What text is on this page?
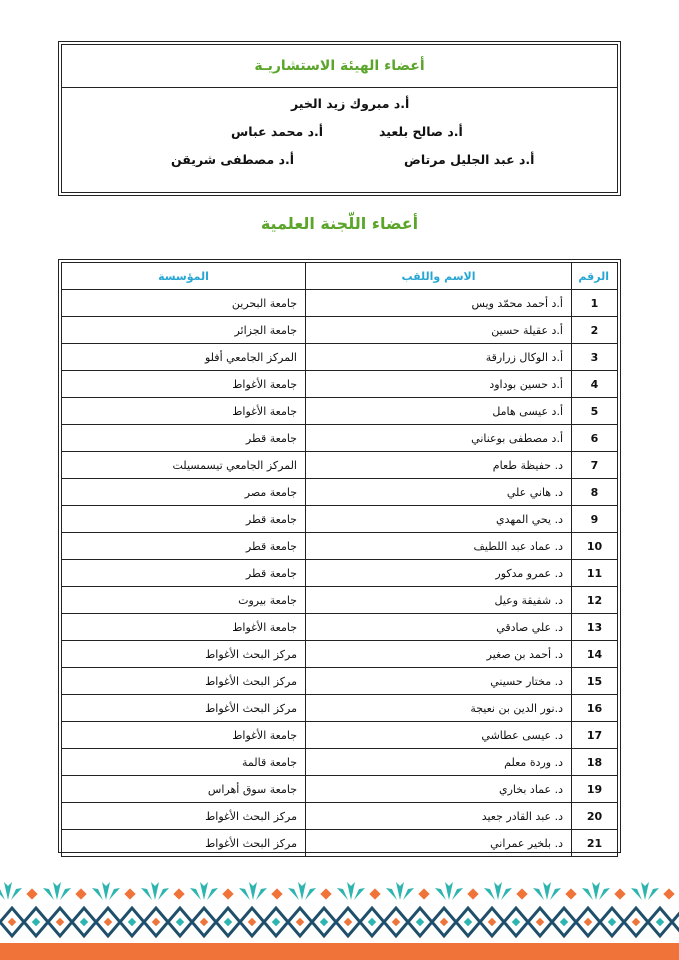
أعضاء الهيئة الاستشاريـة
أ.د مبروك زيد الخير
أ.د صالح بلعيد
أ.د محمد عباس
أ.د عبد الجليل مرتاض
أ.د مصطفى شريقن
أعضاء اللّجنة العلمية
الرقم	الاسم واللقب	المؤسسة
1	أ.د أحمد محمّد ويس	جامعة البحرين
2	أ.د عقيلة حسين	جامعة الجزائر
3	أ.د الوكال زرارقة	المركز الجامعي أفلو
4	أ.د حسين بوداود	جامعة الأغواط
5	أ.د عيسى هامل	جامعة الأغواط
6	أ.د مصطفى بوعناني	جامعة قطر
7	د. حفيظة طعام	المركز الجامعي تيسمسيلت
8	د. هاني علي	جامعة مصر
9	د. يحي المهدي	جامعة قطر
10	د. عماد عبد اللطيف	جامعة قطر
11	د. عمرو مدكور	جامعة قطر
12	د. شفيقة وعيل	جامعة بيروت
13	د. علي صادقي	جامعة الأغواط
14	د. أحمد بن صغير	مركز البحث الأغواط
15	د. مختار حسيني	مركز البحث الأغواط
16	د.نور الدين بن نعيجة	مركز البحث الأغواط
17	د. عيسى عطاشي	جامعة الأغواط
18	د. وردة معلم	جامعة قالمة
19	د. عماد بخاري	جامعة سوق أهراس
20	د. عبد القادر جعيد	مركز البحث الأغواط
21	د. بلخير عمراني	مركز البحث الأغواط
